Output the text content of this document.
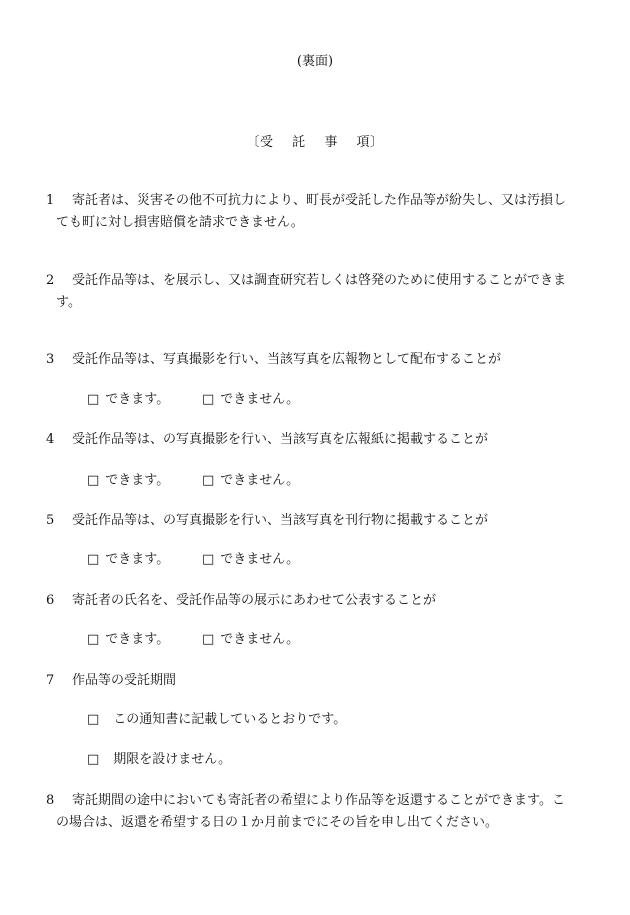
(裏面)
〔受 託 事 項〕
1	寄託者は、災害その他不可抗力により、町長が受託した作品等が紛失し、又は汚損し
ても町に対し損害賠償を請求できません。
2	受託作品等は、を展示し、又は調査研究若しくは啓発のために使用することができま
す。
3	受託作品等は、写真撮影を行い、当該写真を広報物として配布することが
□ できます。	□ できません。
4	受託作品等は、の写真撮影を行い、当該写真を広報紙に掲載することが
□ できます。	□ できません。
5	受託作品等は、の写真撮影を行い、当該写真を刊行物に掲載することが
□ できます。	□ できません。
6	寄託者の氏名を、受託作品等の展示にあわせて公表することが
□ できます。	□ できません。
7	作品等の受託期間
□ この通知書に記載しているとおりです。
□ 期限を設けません。
8	寄託期間の途中においても寄託者の希望により作品等を返還することができます。こ
の場合は、返還を希望する日の１か月前までにその旨を申し出てください。
